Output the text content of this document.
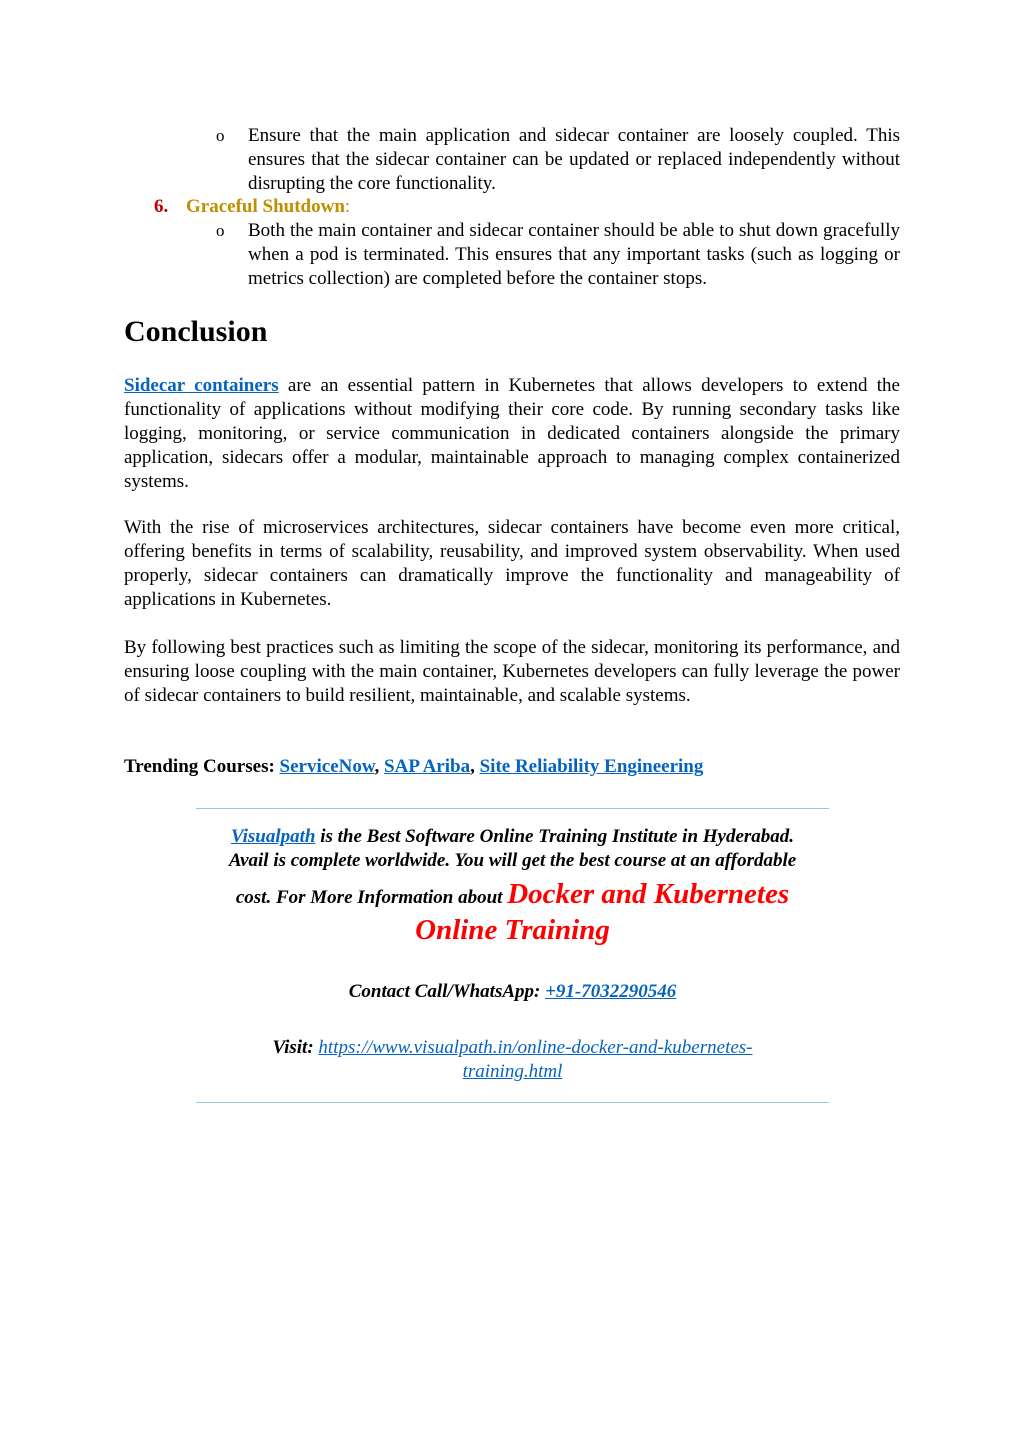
o	Ensure that the main application and sidecar container are loosely coupled. This ensures that the sidecar container can be updated or replaced independently without disrupting the core functionality.
6. Graceful Shutdown:
o	Both the main container and sidecar container should be able to shut down gracefully when a pod is terminated. This ensures that any important tasks (such as logging or metrics collection) are completed before the container stops.
Conclusion

Sidecar containers are an essential pattern in Kubernetes that allows developers to extend the functionality of applications without modifying their core code. By running secondary tasks like logging, monitoring, or service communication in dedicated containers alongside the primary application, sidecars offer a modular, maintainable approach to managing complex containerized systems.

With the rise of microservices architectures, sidecar containers have become even more critical, offering benefits in terms of scalability, reusability, and improved system observability. When used properly, sidecar containers can dramatically improve the functionality and manageability of applications in Kubernetes.

By following best practices such as limiting the scope of the sidecar, monitoring its performance, and ensuring loose coupling with the main container, Kubernetes developers can fully leverage the power of sidecar containers to build resilient, maintainable, and scalable systems.

Trending Courses: ServiceNow, SAP Ariba, Site Reliability Engineering
Visualpath is the Best Software Online Training Institute in Hyderabad.
Avail is complete worldwide. You will get the best course at an affordable
cost. For More Information about Docker and Kubernetes
Online Training
Contact Call/WhatsApp: +91-7032290546
Visit: https://www.visualpath.in/online-docker-and-kubernetes-
training.html
